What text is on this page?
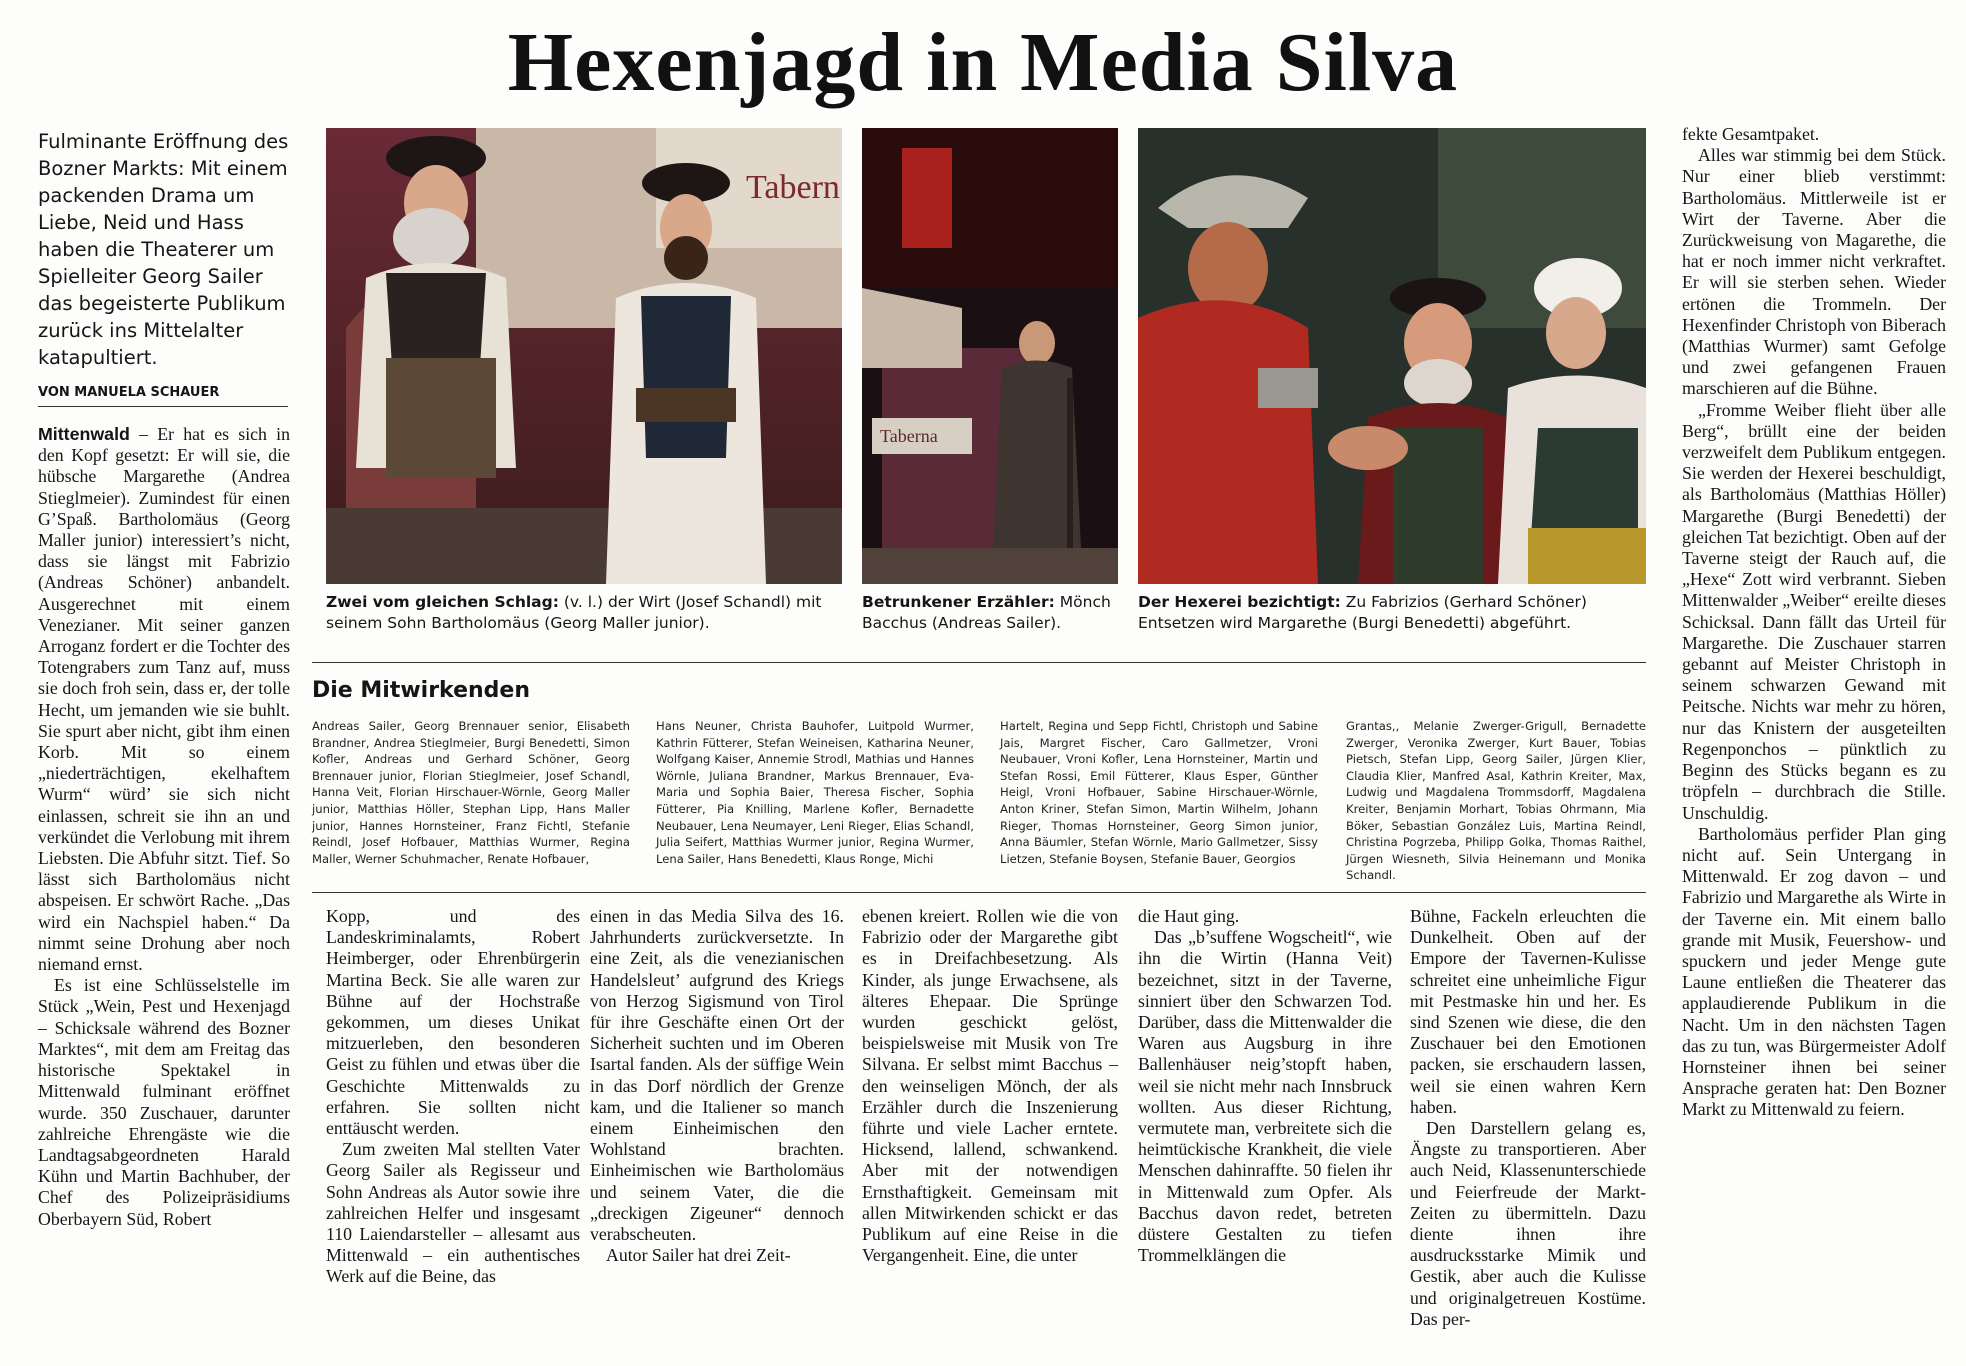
Hexenjagd in Media Silva
Fulminante Eröffnung des Bozner Markts: Mit einem packenden Drama um Liebe, Neid und Hass haben die Theaterer um Spielleiter Georg Sailer das begeisterte Publikum zurück ins Mittelalter katapultiert.
VON MANUELA SCHAUER

Mittenwald – Er hat es sich in den Kopf gesetzt: Er will sie, die hübsche Margarethe (Andrea Stieglmeier). Zumindest für einen G’Spaß. Bartholomäus (Georg Maller junior) interessiert’s nicht, dass sie längst mit Fabrizio (Andreas Schöner) anbandelt. Ausgerechnet mit einem Venezianer. Mit seiner ganzen Arroganz fordert er die Tochter des Totengrabers zum Tanz auf, muss sie doch froh sein, dass er, der tolle Hecht, um jemanden wie sie buhlt. Sie spurt aber nicht, gibt ihm einen Korb. Mit so einem „niederträchtigen, ekelhaftem Wurm“ würd’ sie sich nicht einlassen, schreit sie ihn an und verkündet die Verlobung mit ihrem Liebsten. Die Abfuhr sitzt. Tief. So lässt sich Bartholomäus nicht abspeisen. Er schwört Rache. „Das wird ein Nachspiel haben.“ Da nimmt seine Drohung aber noch niemand ernst.

Es ist eine Schlüsselstelle im Stück „Wein, Pest und Hexenjagd – Schicksale während des Bozner Marktes“, mit dem am Freitag das historische Spektakel in Mittenwald fulminant eröffnet wurde. 350 Zuschauer, darunter zahlreiche Ehrengäste wie die Landtagsabgeordneten Harald Kühn und Martin Bachhuber, der Chef des Polizeipräsidiums Oberbayern Süd, Robert

Tabern
Taberna
Zwei vom gleichen Schlag: (v. l.) der Wirt (Josef Schandl) mit seinem Sohn Bartholomäus (Georg Maller junior).
Betrunkener Erzähler: Mönch Bacchus (Andreas Sailer).
Der Hexerei bezichtigt: Zu Fabrizios (Gerhard Schöner) Entsetzen wird Margarethe (Burgi Benedetti) abgeführt.
Die Mitwirkenden
Andreas Sailer, Georg Brennauer senior, Elisabeth Brandner, Andrea Stieglmeier, Burgi Benedetti, Simon Kofler, Andreas und Gerhard Schöner, Georg Brennauer junior, Florian Stieglmeier, Josef Schandl, Hanna Veit, Florian Hirschauer-Wörnle, Georg Maller junior, Matthias Höller, Stephan Lipp, Hans Maller junior, Hannes Hornsteiner, Franz Fichtl, Stefanie Reindl, Josef Hofbauer, Matthias Wurmer, Regina Maller, Werner Schuhmacher, Renate Hofbauer,
Hans Neuner, Christa Bauhofer, Luitpold Wurmer, Kathrin Fütterer, Stefan Weineisen, Katharina Neuner, Wolfgang Kaiser, Annemie Strodl, Mathias und Hannes Wörnle, Juliana Brandner, Markus Brennauer, Eva-Maria und Sophia Baier, Theresa Fischer, Sophia Fütterer, Pia Knilling, Marlene Kofler, Bernadette Neubauer, Lena Neumayer, Leni Rieger, Elias Schandl, Julia Seifert, Matthias Wurmer junior, Regina Wurmer, Lena Sailer, Hans Benedetti, Klaus Ronge, Michi
Hartelt, Regina und Sepp Fichtl, Christoph und Sabine Jais, Margret Fischer, Caro Gallmetzer, Vroni Neubauer, Vroni Kofler, Lena Hornsteiner, Martin und Stefan Rossi, Emil Fütterer, Klaus Esper, Günther Heigl, Vroni Hofbauer, Sabine Hirschauer-Wörnle, Anton Kriner, Stefan Simon, Martin Wilhelm, Johann Rieger, Thomas Hornsteiner, Georg Simon junior, Anna Bäumler, Stefan Wörnle, Mario Gallmetzer, Sissy Lietzen, Stefanie Boysen, Stefanie Bauer, Georgios
Grantas,, Melanie Zwerger-Grigull, Bernadette Zwerger, Veronika Zwerger, Kurt Bauer, Tobias Pietsch, Stefan Lipp, Georg Sailer, Jürgen Klier, Claudia Klier, Manfred Asal, Kathrin Kreiter, Max, Ludwig und Magdalena Trommsdorff, Magdalena Kreiter, Benjamin Morhart, Tobias Ohrmann, Mia Böker, Sebastian González Luis, Martina Reindl, Christina Pogrzeba, Philipp Golka, Thomas Raithel, Jürgen Wiesneth, Silvia Heinemann und Monika Schandl.

Kopp, und des Landeskriminalamts, Robert Heimberger, oder Ehrenbürgerin Martina Beck. Sie alle waren zur Bühne auf der Hochstraße gekommen, um dieses Unikat mitzuerleben, den besonderen Geist zu fühlen und etwas über die Geschichte Mittenwalds zu erfahren. Sie sollten nicht enttäuscht werden.

Zum zweiten Mal stellten Vater Georg Sailer als Regisseur und Sohn Andreas als Autor sowie ihre zahlreichen Helfer und insgesamt 110 Laiendarsteller – allesamt aus Mittenwald – ein authentisches Werk auf die Beine, das

einen in das Media Silva des 16. Jahrhunderts zurückversetzte. In eine Zeit, als die venezianischen Handelsleut’ aufgrund des Kriegs von Herzog Sigismund von Tirol für ihre Geschäfte einen Ort der Sicherheit suchten und im Oberen Isartal fanden. Als der süffige Wein in das Dorf nördlich der Grenze kam, und die Italiener so manch einem Einheimischen den Wohlstand brachten. Einheimischen wie Bartholomäus und seinem Vater, die die „dreckigen Zigeuner“ dennoch verabscheuten.

Autor Sailer hat drei Zeit-

ebenen kreiert. Rollen wie die von Fabrizio oder der Margarethe gibt es in Dreifachbesetzung. Als Kinder, als junge Erwachsene, als älteres Ehepaar. Die Sprünge wurden geschickt gelöst, beispielsweise mit Musik von Tre Silvana. Er selbst mimt Bacchus – den weinseligen Mönch, der als Erzähler durch die Inszenierung führte und viele Lacher erntete. Hicksend, lallend, schwankend. Aber mit der notwendigen Ernsthaftigkeit. Gemeinsam mit allen Mitwirkenden schickt er das Publikum auf eine Reise in die Vergangenheit. Eine, die unter

die Haut ging.

Das „b’suffene Wogscheitl“, wie ihn die Wirtin (Hanna Veit) bezeichnet, sitzt in der Taverne, sinniert über den Schwarzen Tod. Darüber, dass die Mittenwalder die Waren aus Augsburg in ihre Ballenhäuser neig’stopft haben, weil sie nicht mehr nach Innsbruck wollten. Aus dieser Richtung, vermutete man, verbreitete sich die heimtückische Krankheit, die viele Menschen dahinraffte. 50 fielen ihr in Mittenwald zum Opfer. Als Bacchus davon redet, betreten düstere Gestalten zu tiefen Trommelklängen die

Bühne, Fackeln erleuchten die Dunkelheit. Oben auf der Empore der Tavernen-Kulisse schreitet eine unheimliche Figur mit Pestmaske hin und her. Es sind Szenen wie diese, die den Zuschauer bei den Emotionen packen, sie erschaudern lassen, weil sie einen wahren Kern haben.

Den Darstellern gelang es, Ängste zu transportieren. Aber auch Neid, Klassenunterschiede und Feierfreude der Markt-Zeiten zu übermitteln. Dazu diente ihnen ihre ausdrucksstarke Mimik und Gestik, aber auch die Kulisse und originalgetreuen Kostüme. Das per-

fekte Gesamtpaket.

Alles war stimmig bei dem Stück. Nur einer blieb verstimmt: Bartholomäus. Mittlerweile ist er Wirt der Taverne. Aber die Zurückweisung von Magarethe, die hat er noch immer nicht verkraftet. Er will sie sterben sehen. Wieder ertönen die Trommeln. Der Hexenfinder Christoph von Biberach (Matthias Wurmer) samt Gefolge und zwei gefangenen Frauen marschieren auf die Bühne.

„Fromme Weiber flieht über alle Berg“, brüllt eine der beiden verzweifelt dem Publikum entgegen. Sie werden der Hexerei beschuldigt, als Bartholomäus (Matthias Höller) Margarethe (Burgi Benedetti) der gleichen Tat bezichtigt. Oben auf der Taverne steigt der Rauch auf, die „Hexe“ Zott wird verbrannt. Sieben Mittenwalder „Weiber“ ereilte dieses Schicksal. Dann fällt das Urteil für Margarethe. Die Zuschauer starren gebannt auf Meister Christoph in seinem schwarzen Gewand mit Peitsche. Nichts war mehr zu hören, nur das Knistern der ausgeteilten Regenponchos – pünktlich zu Beginn des Stücks begann es zu tröpfeln – durchbrach die Stille. Unschuldig.

Bartholomäus perfider Plan ging nicht auf. Sein Untergang in Mittenwald. Er zog davon – und Fabrizio und Margarethe als Wirte in der Taverne ein. Mit einem ballo grande mit Musik, Feuershow- und spuckern und jeder Menge gute Laune entließen die Theaterer das applaudierende Publikum in die Nacht. Um in den nächsten Tagen das zu tun, was Bürgermeister Adolf Hornsteiner ihnen bei seiner Ansprache geraten hat: Den Bozner Markt zu Mittenwald zu feiern.
